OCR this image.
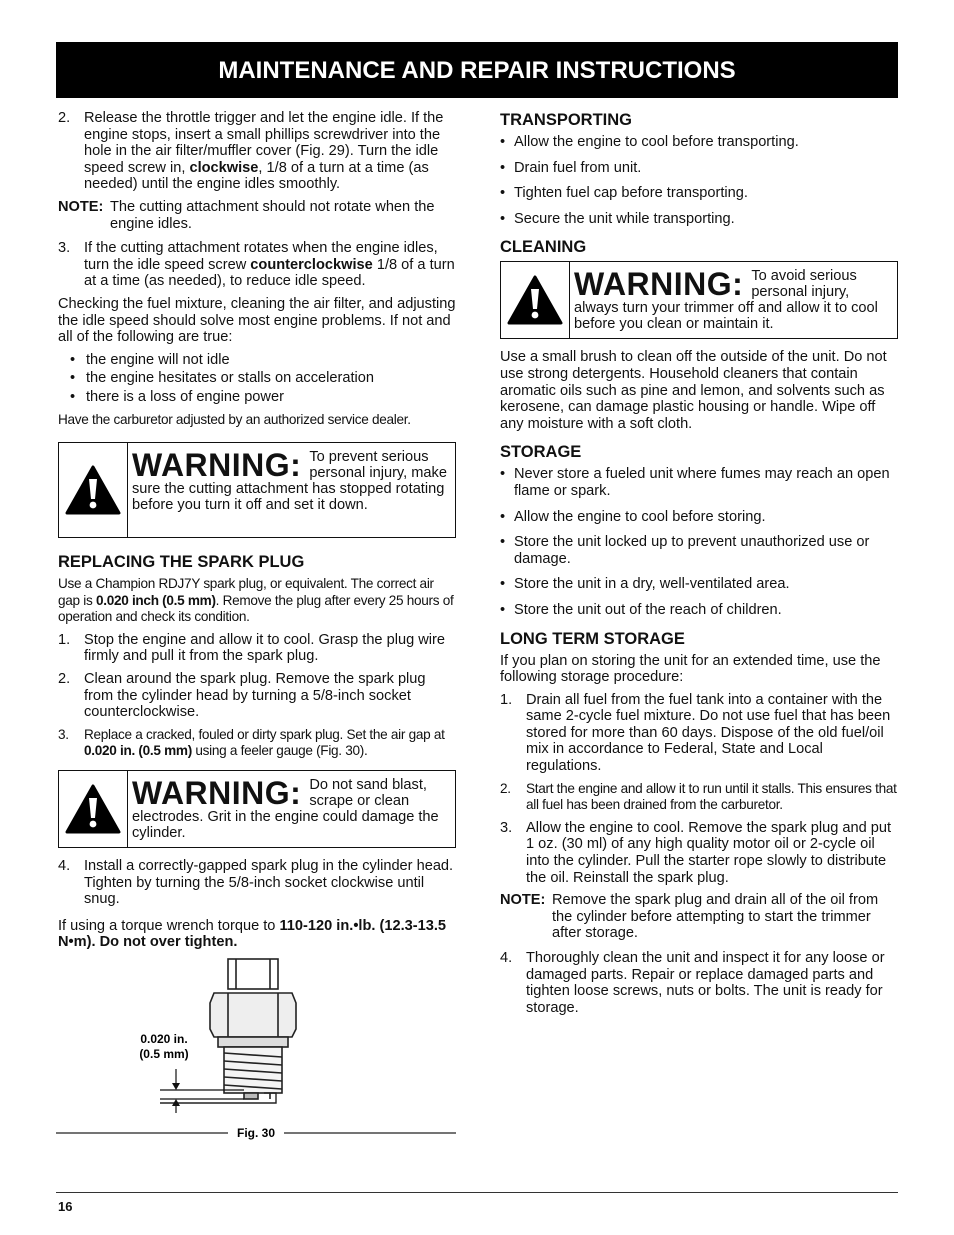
MAINTENANCE AND REPAIR INSTRUCTIONS
2. Release the throttle trigger and let the engine idle. If the engine stops, insert a small phillips screwdriver into the hole in the air filter/muffler cover (Fig. 29). Turn the idle speed screw in, clockwise, 1/8 of a turn at a time (as needed) until the engine idles smoothly.
NOTE: The cutting attachment should not rotate when the engine idles.
3. If the cutting attachment rotates when the engine idles, turn the idle speed screw counterclockwise 1/8 of a turn at a time (as needed), to reduce idle speed.

Checking the fuel mixture, cleaning the air filter, and adjusting the idle speed should solve most engine problems. If not and all of the following are true:

• the engine will not idle
• the engine hesitates or stalls on acceleration
• there is a loss of engine power

Have the carburetor adjusted by an authorized service dealer.

WARNING: To prevent serious personal injury, make sure the cutting attachment has stopped rotating before you turn it off and set it down.
REPLACING THE SPARK PLUG

Use a Champion RDJ7Y spark plug, or equivalent. The correct air gap is 0.020 inch (0.5 mm). Remove the plug after every 25 hours of operation and check its condition.

1. Stop the engine and allow it to cool. Grasp the plug wire firmly and pull it from the spark plug.
2. Clean around the spark plug. Remove the spark plug from the cylinder head by turning a 5/8-inch socket counterclockwise.
3.	Replace a cracked, fouled or dirty spark plug. Set the air gap at 0.020 in. (0.5 mm) using a feeler gauge (Fig. 30).
WARNING: Do not sand blast, scrape or clean electrodes. Grit in the engine could damage the cylinder.
4. Install a correctly-gapped spark plug in the cylinder head. Tighten by turning the 5/8-inch socket clockwise until snug.

If using a torque wrench torque to 110-120 in.•lb. (12.3-13.5 N•m). Do not over tighten.

0.020 in.
(0.5 mm)
Fig. 30
TRANSPORTING
• Allow the engine to cool before transporting.
• Drain fuel from unit.
• Tighten fuel cap before transporting.
• Secure the unit while transporting.
CLEANING
WARNING: To avoid serious personal injury, always turn your trimmer off and allow it to cool before you clean or maintain it.

Use a small brush to clean off the outside of the unit. Do not use strong detergents. Household cleaners that contain aromatic oils such as pine and lemon, and solvents such as kerosene, can damage plastic housing or handle. Wipe off any moisture with a soft cloth.

STORAGE
• Never store a fueled unit where fumes may reach an open flame or spark.
• Allow the engine to cool before storing.
• Store the unit locked up to prevent unauthorized use or damage.
• Store the unit in a dry, well-ventilated area.
• Store the unit out of the reach of children.
LONG TERM STORAGE

If you plan on storing the unit for an extended time, use the following storage procedure:

1. Drain all fuel from the fuel tank into a container with the same 2-cycle fuel mixture. Do not use fuel that has been stored for more than 60 days. Dispose of the old fuel/oil mix in accordance to Federal, State and Local regulations.
2.	Start the engine and allow it to run until it stalls. This ensures that all fuel has been drained from the carburetor.
3. Allow the engine to cool. Remove the spark plug and put 1 oz. (30 ml) of any high quality motor oil or 2-cycle oil into the cylinder. Pull the starter rope slowly to distribute the oil. Reinstall the spark plug.
NOTE: Remove the spark plug and drain all of the oil from the cylinder before attempting to start the trimmer after storage.
4. Thoroughly clean the unit and inspect it for any loose or damaged parts. Repair or replace damaged parts and tighten loose screws, nuts or bolts. The unit is ready for storage.
16
